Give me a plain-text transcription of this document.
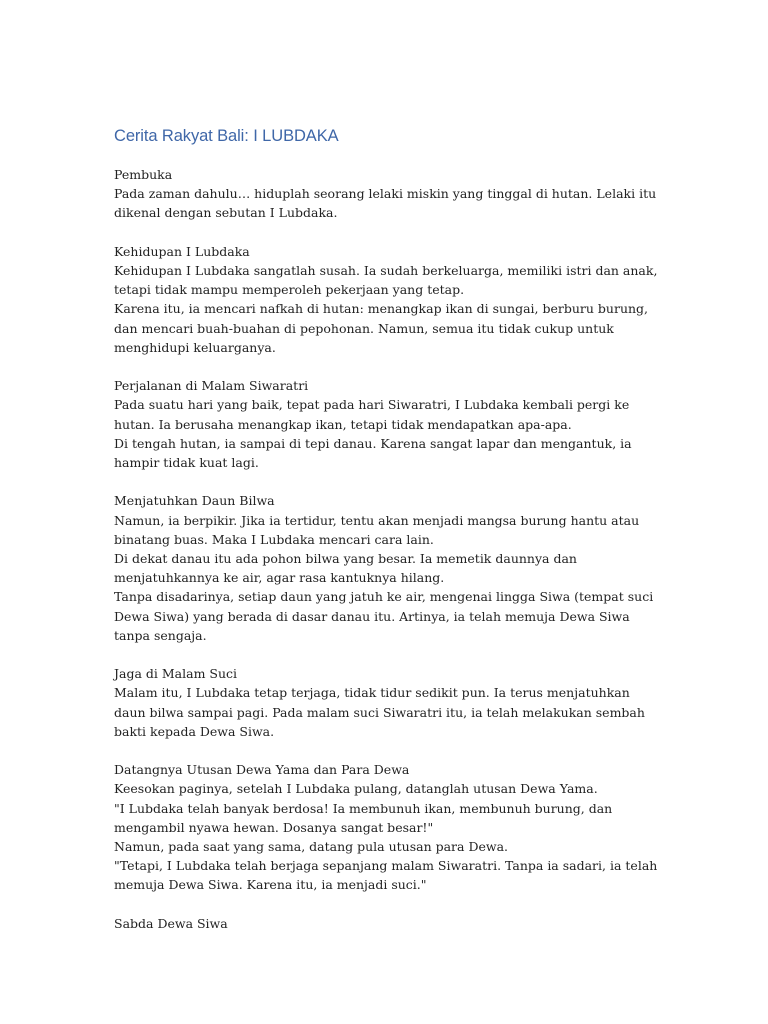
Cerita Rakyat Bali: I LUBDAKA
Pembuka
Pada zaman dahulu… hiduplah seorang lelaki miskin yang tinggal di hutan. Lelaki itu dikenal dengan sebutan I Lubdaka.
Kehidupan I Lubdaka
Kehidupan I Lubdaka sangatlah susah. Ia sudah berkeluarga, memiliki istri dan anak, tetapi tidak mampu memperoleh pekerjaan yang tetap.
Karena itu, ia mencari nafkah di hutan: menangkap ikan di sungai, berburu burung, dan mencari buah-buahan di pepohonan. Namun, semua itu tidak cukup untuk menghidupi keluarganya.
Perjalanan di Malam Siwaratri
Pada suatu hari yang baik, tepat pada hari Siwaratri, I Lubdaka kembali pergi ke hutan. Ia berusaha menangkap ikan, tetapi tidak mendapatkan apa-apa.
Di tengah hutan, ia sampai di tepi danau. Karena sangat lapar dan mengantuk, ia hampir tidak kuat lagi.
Menjatuhkan Daun Bilwa
Namun, ia berpikir. Jika ia tertidur, tentu akan menjadi mangsa burung hantu atau binatang buas. Maka I Lubdaka mencari cara lain.
Di dekat danau itu ada pohon bilwa yang besar. Ia memetik daunnya dan menjatuhkannya ke air, agar rasa kantuknya hilang.
Tanpa disadarinya, setiap daun yang jatuh ke air, mengenai lingga Siwa (tempat suci Dewa Siwa) yang berada di dasar danau itu. Artinya, ia telah memuja Dewa Siwa tanpa sengaja.
Jaga di Malam Suci
Malam itu, I Lubdaka tetap terjaga, tidak tidur sedikit pun. Ia terus menjatuhkan daun bilwa sampai pagi. Pada malam suci Siwaratri itu, ia telah melakukan sembah bakti kepada Dewa Siwa.
Datangnya Utusan Dewa Yama dan Para Dewa
Keesokan paginya, setelah I Lubdaka pulang, datanglah utusan Dewa Yama.
"I Lubdaka telah banyak berdosa! Ia membunuh ikan, membunuh burung, dan mengambil nyawa hewan. Dosanya sangat besar!"
Namun, pada saat yang sama, datang pula utusan para Dewa.
"Tetapi, I Lubdaka telah berjaga sepanjang malam Siwaratri. Tanpa ia sadari, ia telah memuja Dewa Siwa. Karena itu, ia menjadi suci."
Sabda Dewa Siwa
